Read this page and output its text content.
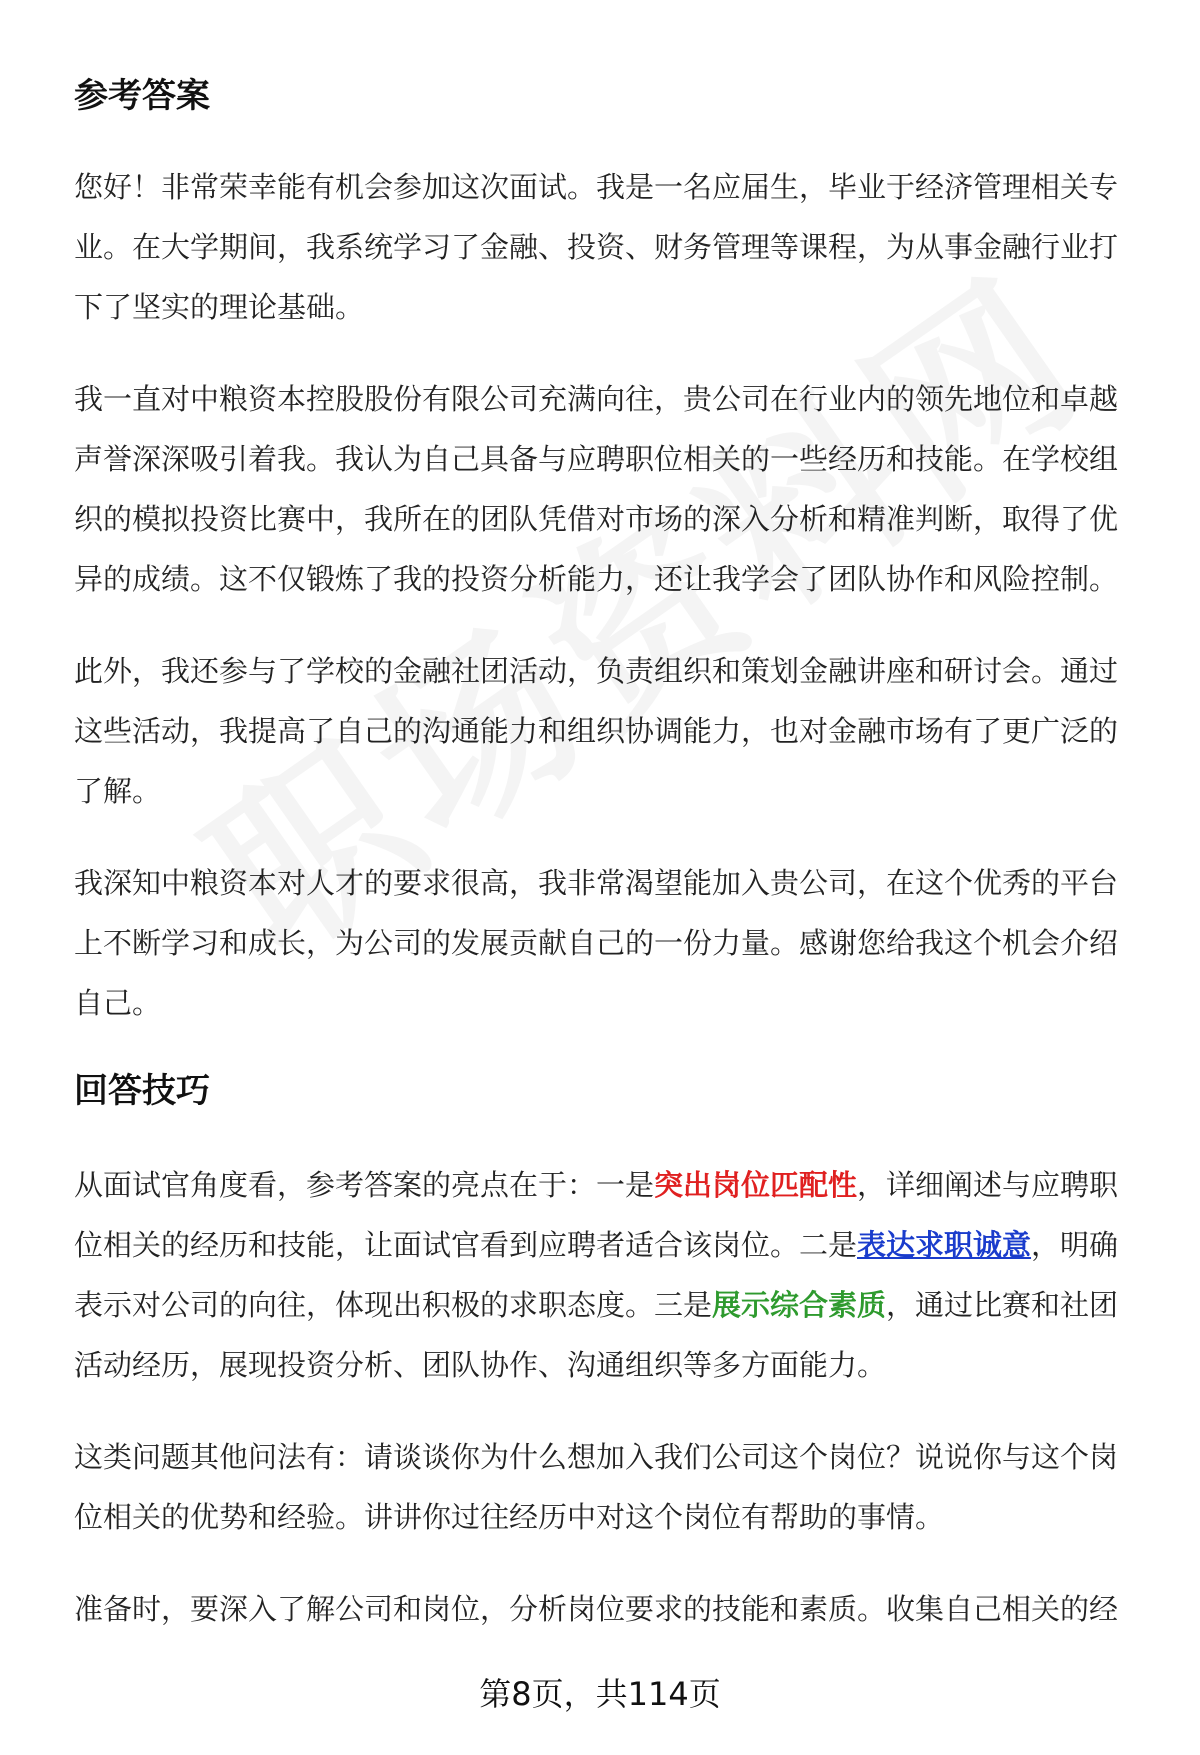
参考答案

您好！非常荣幸能有机会参加这次面试。我是一名应届生，毕业于经济管理相关专业。在大学期间，我系统学习了金融、投资、财务管理等课程，为从事金融行业打下了坚实的理论基础。

我一直对中粮资本控股股份有限公司充满向往，贵公司在行业内的领先地位和卓越声誉深深吸引着我。我认为自己具备与应聘职位相关的一些经历和技能。在学校组织的模拟投资比赛中，我所在的团队凭借对市场的深入分析和精准判断，取得了优异的成绩。这不仅锻炼了我的投资分析能力，还让我学会了团队协作和风险控制。

此外，我还参与了学校的金融社团活动，负责组织和策划金融讲座和研讨会。通过这些活动，我提高了自己的沟通能力和组织协调能力，也对金融市场有了更广泛的了解。

我深知中粮资本对人才的要求很高，我非常渴望能加入贵公司，在这个优秀的平台上不断学习和成长，为公司的发展贡献自己的一份力量。感谢您给我这个机会介绍自己。

回答技巧

从面试官角度看，参考答案的亮点在于：一是突出岗位匹配性，详细阐述与应聘职位相关的经历和技能，让面试官看到应聘者适合该岗位。二是表达求职诚意，明确表示对公司的向往，体现出积极的求职态度。三是展示综合素质，通过比赛和社团活动经历，展现投资分析、团队协作、沟通组织等多方面能力。

这类问题其他问法有：请谈谈你为什么想加入我们公司这个岗位？说说你与这个岗位相关的优势和经验。讲讲你过往经历中对这个岗位有帮助的事情。

准备时，要深入了解公司和岗位，分析岗位要求的技能和素质。收集自己相关的经

第8页，共114页
